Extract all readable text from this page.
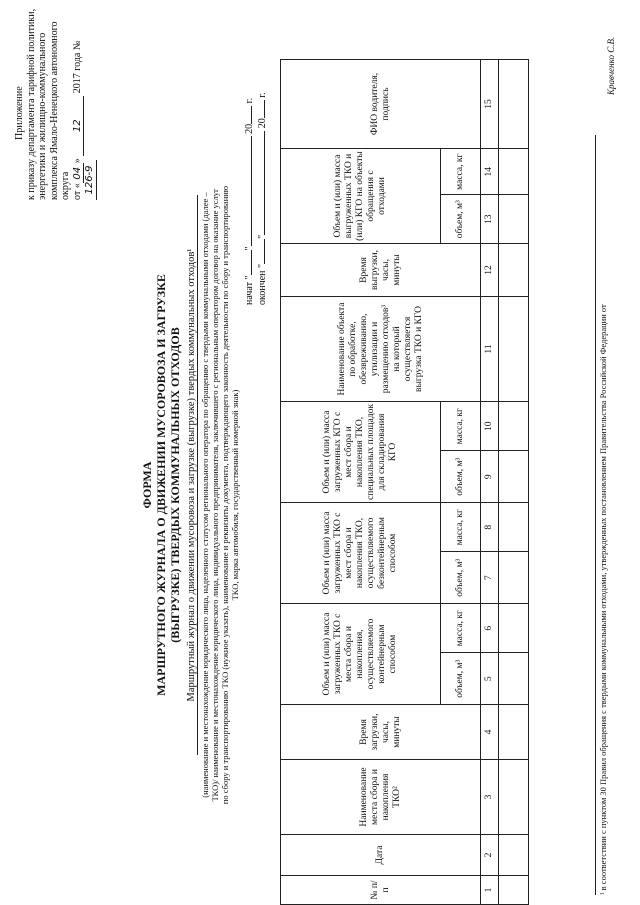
Приложение к приказу департамента тарифной политики, энергетики и жилищно-коммунального комплекса Ямало-Ненецкого автономного округа от «04» 12 2017 года № 126-9
ФОРМА МАРШРУТНОГО ЖУРНАЛА О ДВИЖЕНИИ МУСОРОВОЗА И ЗАГРУЗКЕ (ВЫГРУЗКЕ) ТВЕРДЫХ КОММУНАЛЬНЫХ ОТХОДОВ Маршрутный журнал о движении мусоровоза и загрузке (выгрузке) твердых коммунальных отходов¹ (наименование и местонахождение юридического лица, наделенного статусом регионального оператора по обращению с твердыми коммунальными отходами (далее – ТКО)/ наименование и местонахождение юридического лица, индивидуального предпринимателя, заключившего с региональным оператором договор на оказание услуг по сбору и транспортированию ТКО (нужное указать), наименование и реквизиты документа, подтверждающего законность деятельности по сбору и транспортированию ТКО, марка автомобиля, государственный номерной знак)
начат "" 20 г.
окончен "" 20 г.
№ п/п	Дата	Наименование места сбора и накопления ТКО²	Время загрузки, часы, минуты	Объем и (или) масса загруженных ТКО с места сбора и накопления, осуществляемого контейнерным способом		Объем и (или) масса загруженных ТКО с мест сбора и накопления ТКО, осуществляемого безконтейнерным способом		Объем и (или) масса загруженных КГО с мест сбора и накопления ТКО, специальных площадок для складирования КГО		Наименование объекта по обработке, обезвреживанию, утилизации и размещению отходов³ на который осуществляется выгрузка ТКО и КГО	Время выгрузки, часы, минуты	Объем и (или) масса выгруженных ТКО и (или) КГО на объекты обращения с отходами		ФИО водителя, подпись
				объем, м³	масса, кг	объем, м³	масса, кг	объем, м³	масса, кг			объем, м³	масса, кг	
1	2	3	4	5	6	7	8	9	10	11	12	13	14	15

¹ в соответствии с пунктом 30 Правил обращения с твердыми коммунальными отходами, утвержденных постановлением Правительства Российской Федерации от
Кравченко С.В.
